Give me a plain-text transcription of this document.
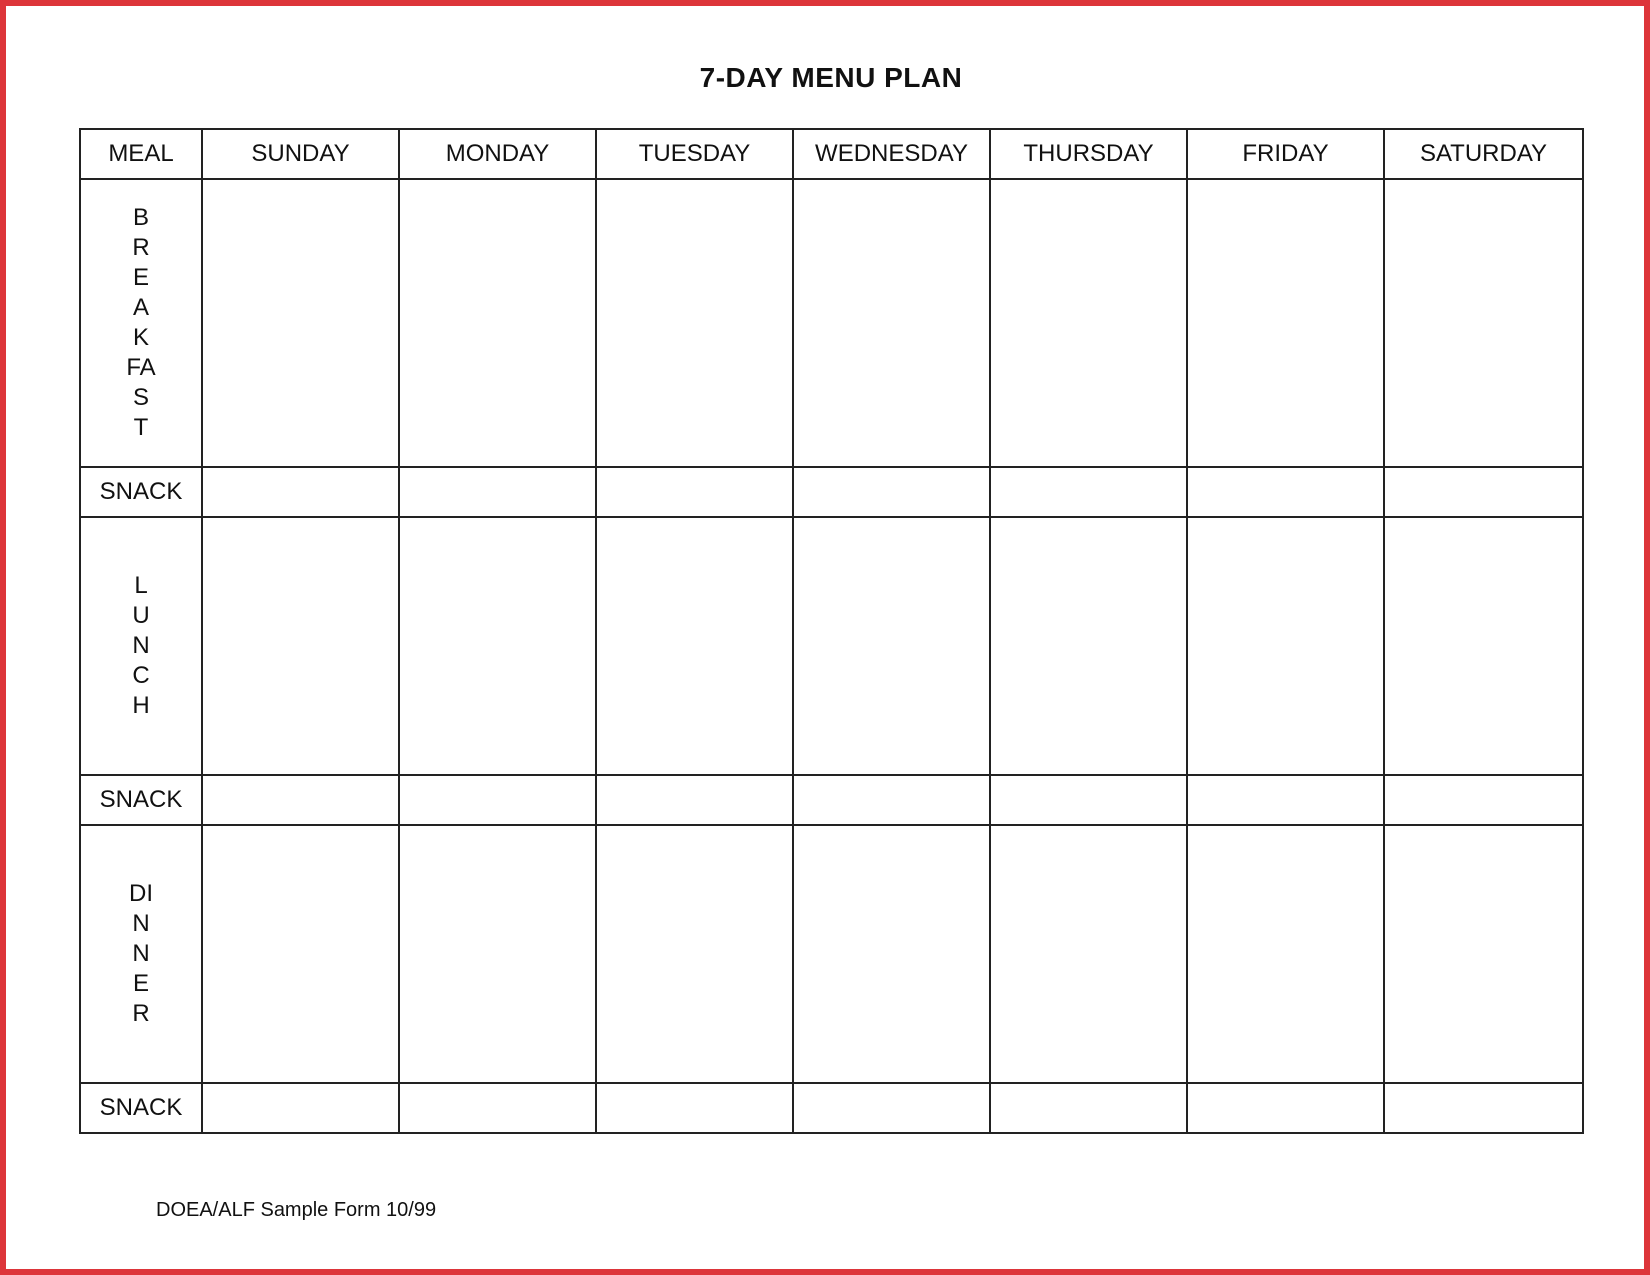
7-DAY MENU PLAN
MEAL	SUNDAY	MONDAY	TUESDAY	WEDNESDAY	THURSDAY	FRIDAY	SATURDAY

BREAKFAST							

SNACK							

LUNCH							

SNACK							

DINNER							

SNACK							
DOEA/ALF Sample Form 10/99
